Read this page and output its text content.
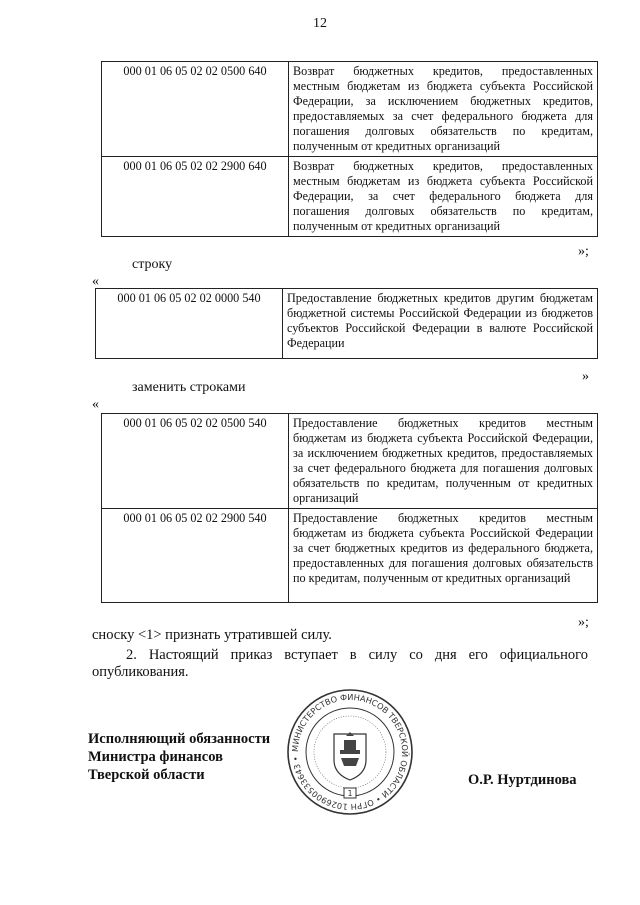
12
000 01 06 05 02 02 0500 640	Возврат бюджетных кредитов, предоставленных местным бюджетам из бюджета субъекта Российской Федерации, за исключением бюджетных кредитов, предоставляемых за счет федерального бюджета для погашения долговых обязательств по кредитам, полученным от кредитных организаций
000 01 06 05 02 02 2900 640	Возврат бюджетных кредитов, предоставленных местным бюджетам из бюджета субъекта Российской Федерации, за счет федерального бюджета для погашения долговых обязательств по кредитам, полученным от кредитных организаций
»;
строку
«
000 01 06 05 02 02 0000 540	Предоставление бюджетных кредитов другим бюджетам бюджетной системы Российской Федерации из бюджетов субъектов Российской Федерации в валюте Российской Федерации
»
заменить строками
«
000 01 06 05 02 02 0500 540	Предоставление бюджетных кредитов местным бюджетам из бюджета субъекта Российской Федерации, за исключением бюджетных кредитов, предоставляемых за счет федерального бюджета для погашения долговых обязательств по кредитам, полученным от кредитных организаций
000 01 06 05 02 02 2900 540	Предоставление бюджетных кредитов местным бюджетам из бюджета субъекта Российской Федерации за счет бюджетных кредитов из федерального бюджета, предоставленных для погашения долговых обязательств по кредитам, полученным от кредитных организаций
»;
сноску <1> признать утратившей силу.
2. Настоящий приказ вступает в силу со дня его официального опубликования.
Исполняющий обязанности
Министра финансов
Тверской области
МИНИСТЕРСТВО ФИНАНСОВ ТВЕРСКОЙ ОБЛАСТИ • ОГРН 1026900533643 •
1
О.Р. Нуртдинова
